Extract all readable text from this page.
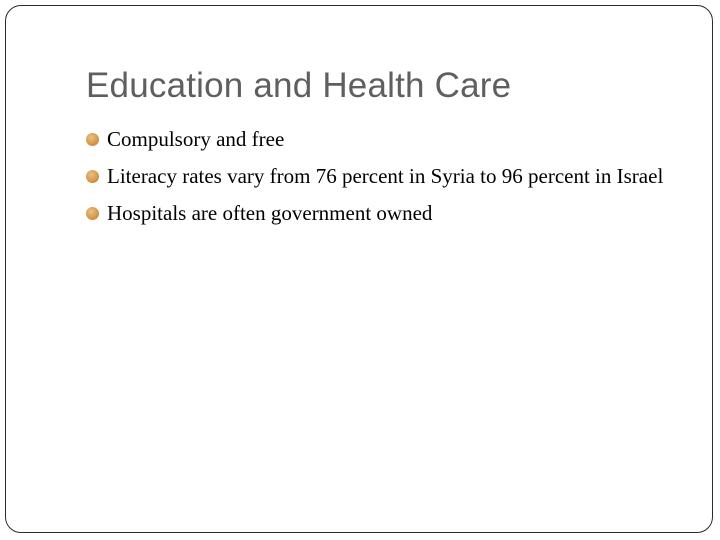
Education and Health Care
Compulsory and free
Literacy rates vary from 76 percent in Syria to 96 percent in Israel
Hospitals are often government owned
